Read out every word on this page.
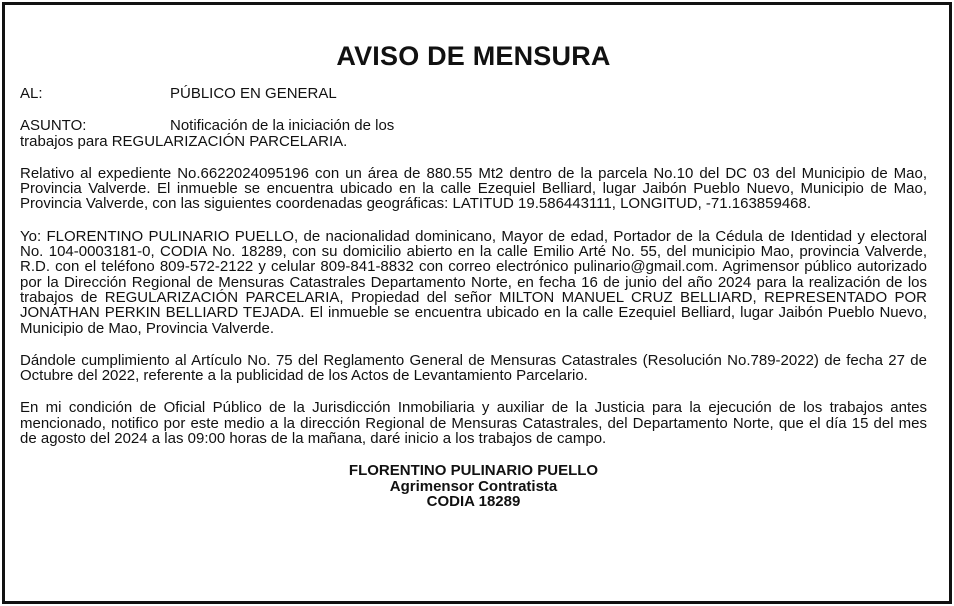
AVISO DE MENSURA
AL:	PÚBLICO EN GENERAL
ASUNTO:	Notificación de la iniciación de los
trabajos para REGULARIZACIÓN PARCELARIA.

Relativo al expediente No.6622024095196 con un área de 880.55 Mt2 dentro de la parcela No.10 del DC 03 del Municipio de Mao, Provincia Valverde. El inmueble se encuentra ubicado en la calle Ezequiel Belliard, lugar Jaibón Pueblo Nuevo, Municipio de Mao, Provincia Valverde, con las siguientes coordenadas geográficas: LATITUD 19.586443111, LONGITUD, -71.163859468.

Yo: FLORENTINO PULINARIO PUELLO, de nacionalidad dominicano, Mayor de edad, Portador de la Cédula de Identidad y electoral No. 104-0003181-0, CODIA No. 18289, con su domicilio abierto en la calle Emilio Arté No. 55, del municipio Mao, provincia Valverde, R.D. con el teléfono 809-572-2122 y celular 809-841-8832 con correo electrónico pulinario@gmail.com. Agrimensor público autorizado por la Dirección Regional de Mensuras Catastrales Departamento Norte, en fecha 16 de junio del año 2024 para la realización de los trabajos de REGULARIZACIÓN PARCELARIA, Propiedad del señor MILTON MANUEL CRUZ BELLIARD, REPRESENTADO POR JONATHAN PERKIN BELLIARD TEJADA. El inmueble se encuentra ubicado en la calle Ezequiel Belliard, lugar Jaibón Pueblo Nuevo, Municipio de Mao, Provincia Valverde.

Dándole cumplimiento al Artículo No. 75 del Reglamento General de Mensuras Catastrales (Resolución No.789-2022) de fecha 27 de Octubre del 2022, referente a la publicidad de los Actos de Levantamiento Parcelario.

En mi condición de Oficial Público de la Jurisdicción Inmobiliaria y auxiliar de la Justicia para la ejecución de los trabajos antes mencionado, notifico por este medio a la dirección Regional de Mensuras Catastrales, del Departamento Norte, que el día 15 del mes de agosto del 2024 a las 09:00 horas de la mañana, daré inicio a los trabajos de campo.

FLORENTINO PULINARIO PUELLO
Agrimensor Contratista
CODIA 18289
